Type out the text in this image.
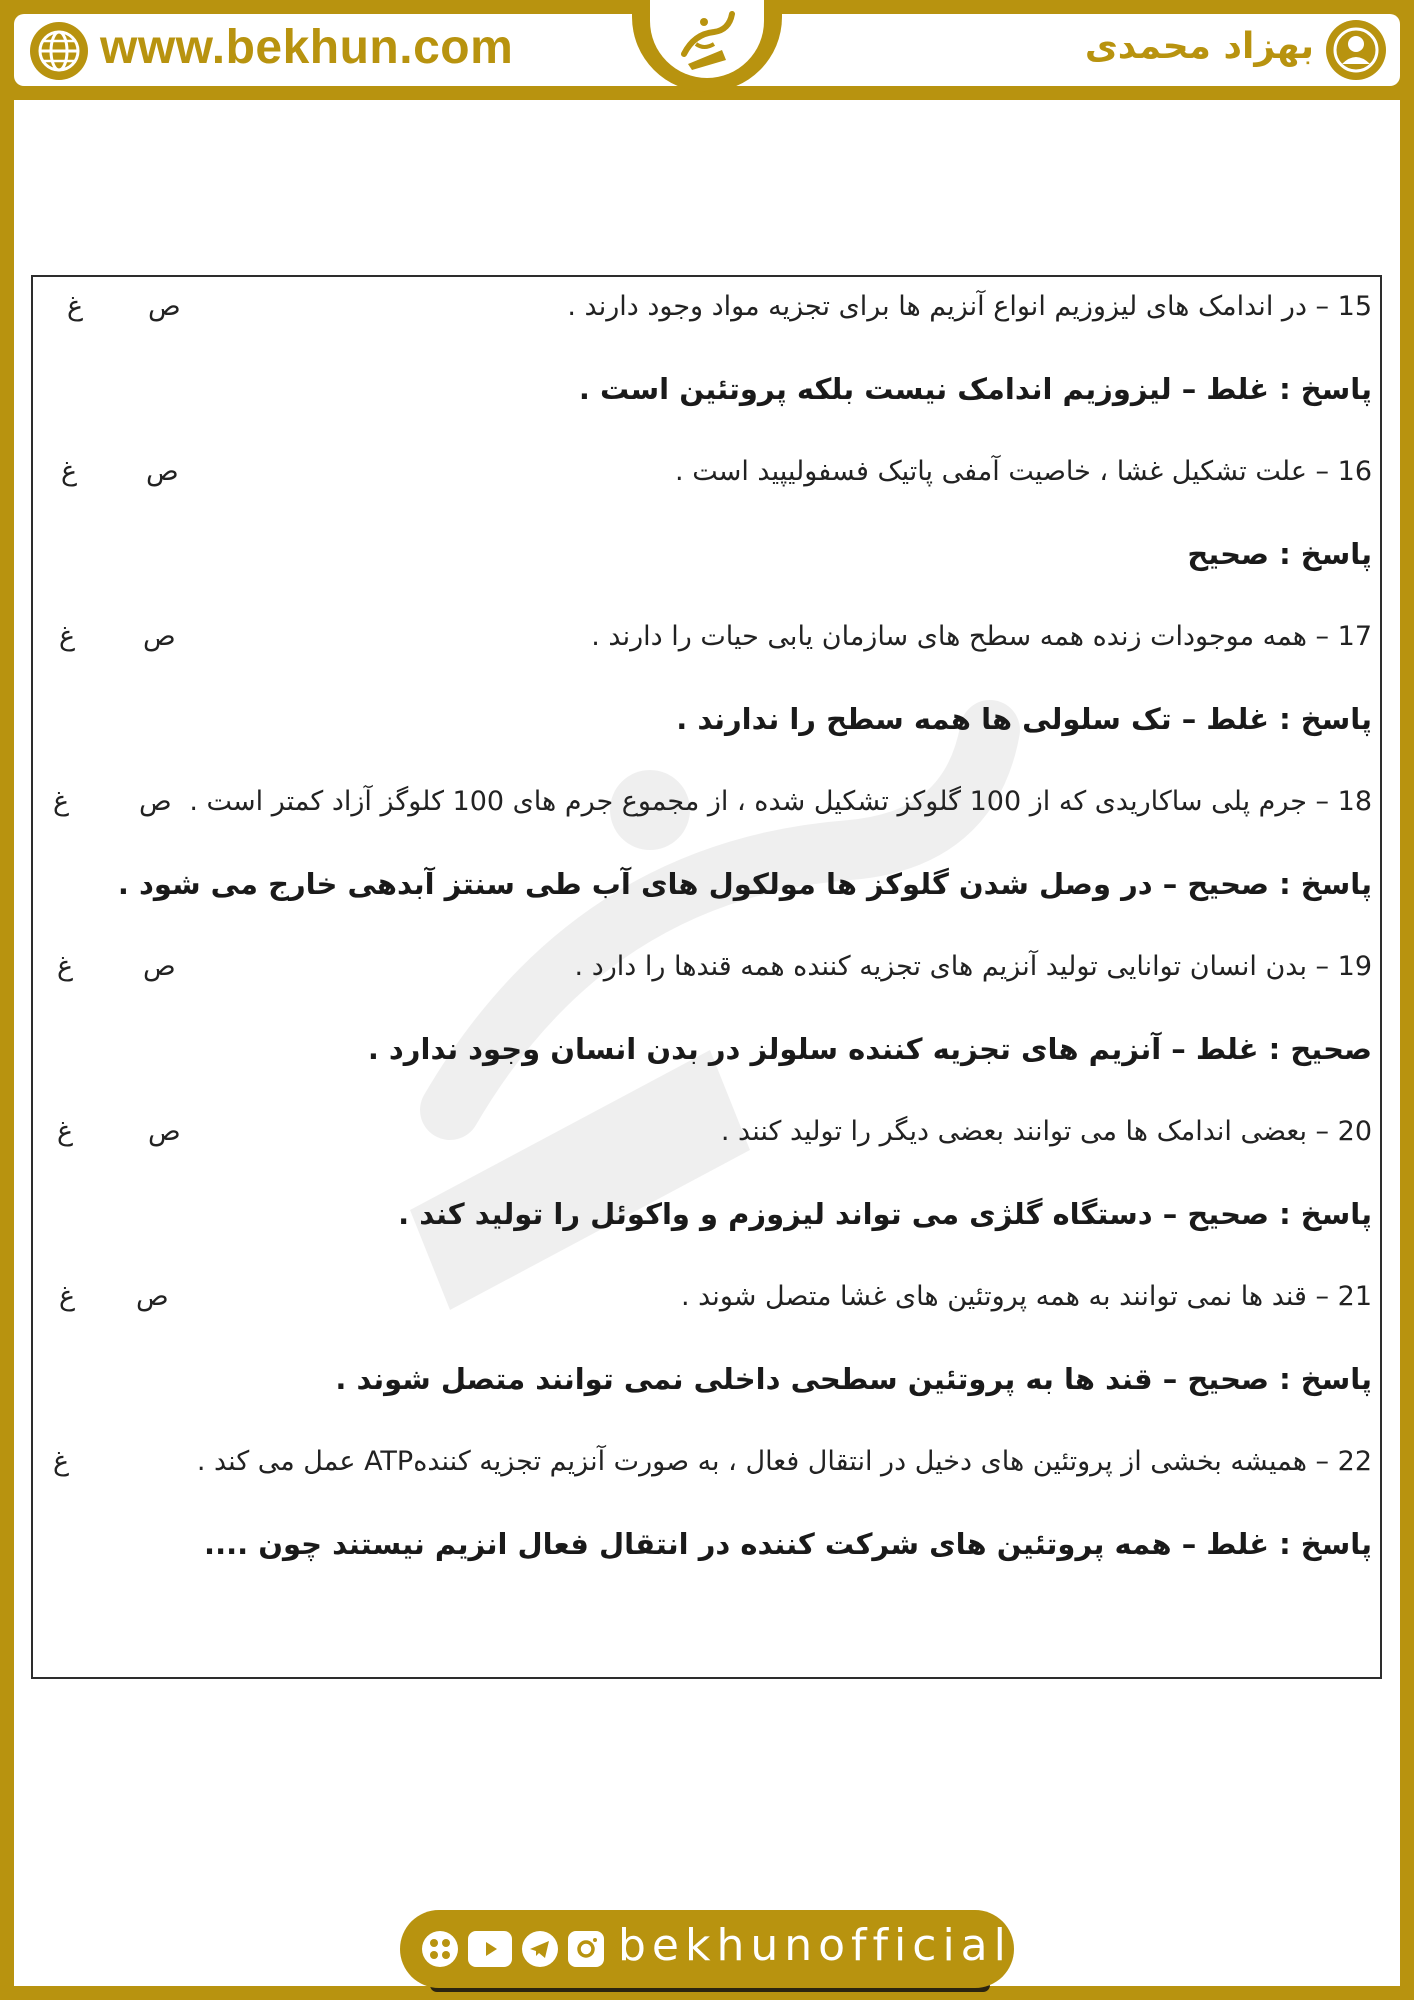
www.bekhun.com	بهزاد محمدی
15 – در اندامک های لیزوزیم انواع آنزیم ها برای تجزیه مواد وجود دارند .
ص
غ
پاسخ : غلط – لیزوزیم اندامک نیست بلکه پروتئین است .
16 – علت تشکیل غشا ، خاصیت آمفی پاتیک فسفولیپید است .
ص
غ
پاسخ : صحیح
17 – همه موجودات زنده همه سطح های سازمان یابی حیات را دارند .
ص
غ
پاسخ : غلط – تک سلولی ها همه سطح را ندارند .
18 – جرم پلی ساکاریدی که از 100 گلوکز تشکیل شده ، از مجموع جرم های 100 کلوگز آزاد کمتر است .
ص
غ
پاسخ : صحیح – در وصل شدن گلوکز ها مولکول های آب طی سنتز آبدهی خارج می شود .
19 – بدن انسان توانایی تولید آنزیم های تجزیه کننده همه قندها را دارد .
ص
غ
صحیح : غلط – آنزیم های تجزیه کننده سلولز در بدن انسان وجود ندارد .
20 – بعضی اندامک ها می توانند بعضی دیگر را تولید کنند .
ص
غ
پاسخ : صحیح – دستگاه گلژی می تواند لیزوزم و واکوئل را تولید کند .
21 – قند ها نمی توانند به همه پروتئین های غشا متصل شوند .
ص
غ
پاسخ : صحیح – قند ها به پروتئین سطحی داخلی نمی توانند متصل شوند .
22 – همیشه بخشی از پروتئین های دخیل در انتقال فعال ، به صورت آنزیم تجزیه کنندهATP عمل می کند .
غ
پاسخ : غلط – همه پروتئین های شرکت کننده در انتقال فعال انزیم نیستند چون ....
bekhunofficial
